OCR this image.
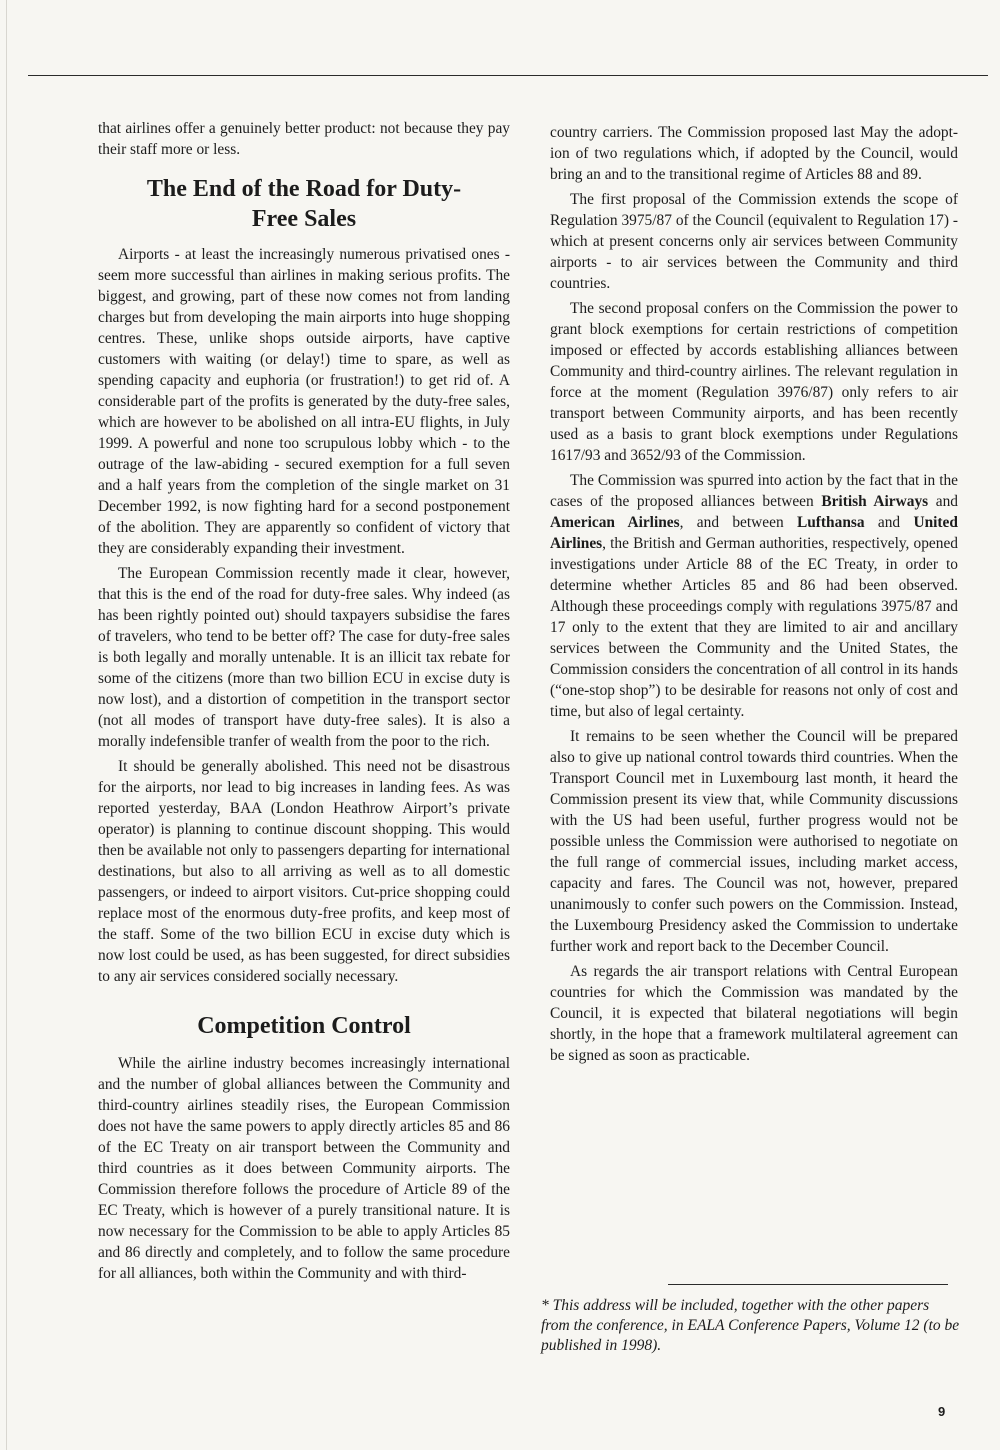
that airlines offer a genuinely better product: not because they pay their staff more or less.

The End of the Road for Duty-Free Sales

Airports - at least the increasingly numerous privatised ones - seem more successful than airlines in making serious profits. The biggest, and growing, part of these now comes not from landing charges but from developing the main airports into huge shopping centres. These, unlike shops outside airports, have captive customers with waiting (or delay!) time to spare, as well as spending capacity and euphoria (or frustration!) to get rid of. A considerable part of the profits is generated by the duty-free sales, which are however to be abolished on all intra-EU flights, in July 1999. A powerful and none too scrupulous lobby which - to the outrage of the law-abiding - secured exemption for a full seven and a half years from the completion of the single market on 31 December 1992, is now fighting hard for a second postponement of the abolition. They are apparently so confident of victory that they are considerably expanding their investment.

The European Commission recently made it clear, however, that this is the end of the road for duty-free sales. Why indeed (as has been rightly pointed out) should taxpayers subsidise the fares of travelers, who tend to be better off? The case for duty-free sales is both legally and morally untenable. It is an illicit tax rebate for some of the citizens (more than two billion ECU in excise duty is now lost), and a distortion of competition in the transport sector (not all modes of transport have duty-free sales). It is also a morally indefensible tranfer of wealth from the poor to the rich.

It should be generally abolished. This need not be disastrous for the airports, nor lead to big increases in landing fees. As was reported yesterday, BAA (London Heathrow Airport’s private operator) is planning to continue discount shopping. This would then be available not only to passengers departing for international destinations, but also to all arriving as well as to all domestic passengers, or indeed to airport visitors. Cut-price shopping could replace most of the enormous duty-free profits, and keep most of the staff. Some of the two billion ECU in excise duty which is now lost could be used, as has been suggested, for direct subsidies to any air services considered socially necessary.

Competition Control

While the airline industry becomes increasingly international and the number of global alliances between the Community and third-country airlines steadily rises, the European Commission does not have the same powers to apply directly articles 85 and 86 of the EC Treaty on air transport between the Community and third countries as it does between Community airports. The Commission therefore follows the procedure of Article 89 of the EC Treaty, which is however of a purely transitional nature. It is now necessary for the Commission to be able to apply Articles 85 and 86 directly and completely, and to follow the same procedure for all alliances, both within the Community and with third-

country carriers. The Commission proposed last May the adopt-ion of two regulations which, if adopted by the Council, would bring an and to the transitional regime of Articles 88 and 89.

The first proposal of the Commission extends the scope of Regulation 3975/87 of the Council (equivalent to Regulation 17) - which at present concerns only air services between Community airports - to air services between the Community and third countries.

The second proposal confers on the Commission the power to grant block exemptions for certain restrictions of competition imposed or effected by accords establishing alliances between Community and third-country airlines. The relevant regulation in force at the moment (Regulation 3976/87) only refers to air transport between Community airports, and has been recently used as a basis to grant block exemptions under Regulations 1617/93 and 3652/93 of the Commission.

The Commission was spurred into action by the fact that in the cases of the proposed alliances between British Airways and American Airlines, and between Lufthansa and United Airlines, the British and German authorities, respectively, opened investigations under Article 88 of the EC Treaty, in order to determine whether Articles 85 and 86 had been observed. Although these proceedings comply with regulations 3975/87 and 17 only to the extent that they are limited to air and ancillary services between the Community and the United States, the Commission considers the concentration of all control in its hands (“one-stop shop”) to be desirable for reasons not only of cost and time, but also of legal certainty.

It remains to be seen whether the Council will be prepared also to give up national control towards third countries. When the Transport Council met in Luxembourg last month, it heard the Commission present its view that, while Community discussions with the US had been useful, further progress would not be possible unless the Commission were authorised to negotiate on the full range of commercial issues, including market access, capacity and fares. The Council was not, however, prepared unanimously to confer such powers on the Commission. Instead, the Luxembourg Presidency asked the Commission to undertake further work and report back to the December Council.

As regards the air transport relations with Central European countries for which the Commission was mandated by the Council, it is expected that bilateral negotiations will begin shortly, in the hope that a framework multilateral agreement can be signed as soon as practicable.

* This address will be included, together with the other papers from the conference, in EALA Conference Papers, Volume 12 (to be published in 1998).
9
